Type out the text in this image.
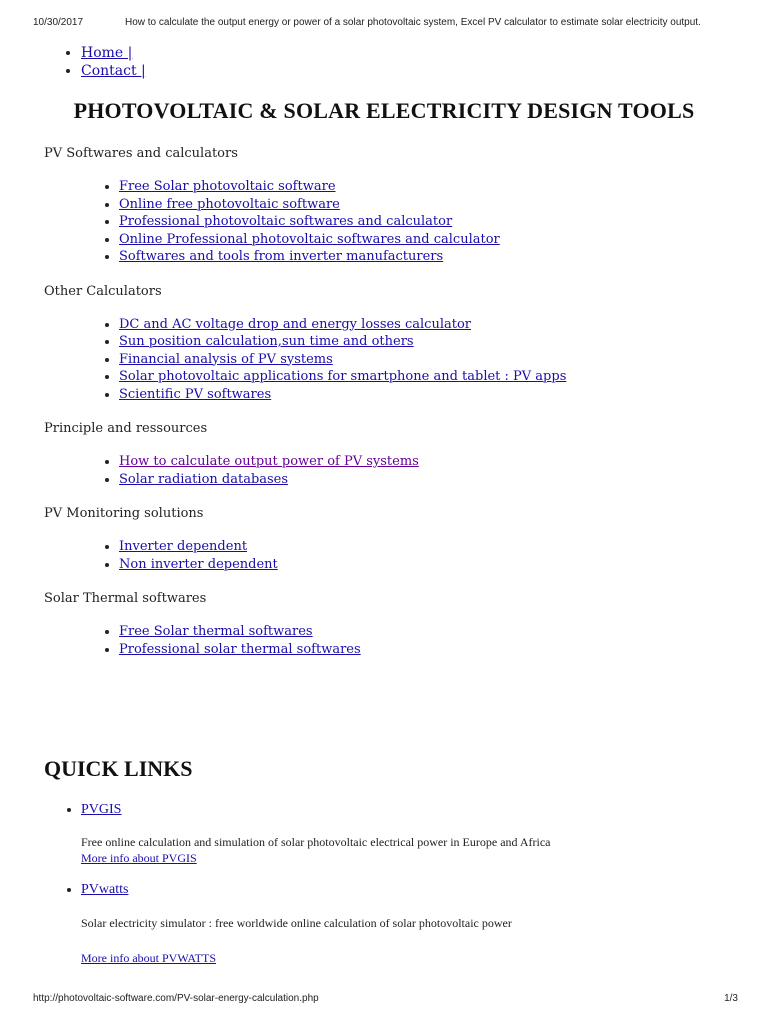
10/30/2017	How to calculate the output energy or power of a solar photovoltaic system, Excel PV calculator to estimate solar electricity output.
• Home |
• Contact |
PHOTOVOLTAIC & SOLAR ELECTRICITY DESIGN TOOLS
PV Softwares and calculators
• Free Solar photovoltaic software
• Online free photovoltaic software
• Professional photovoltaic softwares and calculator
• Online Professional photovoltaic softwares and calculator
• Softwares and tools from inverter manufacturers
Other Calculators
• DC and AC voltage drop and energy losses calculator
• Sun position calculation,sun time and others
• Financial analysis of PV systems
• Solar photovoltaic applications for smartphone and tablet : PV apps
• Scientific PV softwares
Principle and ressources
• How to calculate output power of PV systems
• Solar radiation databases
PV Monitoring solutions
• Inverter dependent
• Non inverter dependent
Solar Thermal softwares
• Free Solar thermal softwares
• Professional solar thermal softwares
QUICK LINKS
• PVGIS

Free online calculation and simulation of solar photovoltaic electrical power in Europe and Africa

More info about PVGIS
• PVwatts

Solar electricity simulator : free worldwide online calculation of solar photovoltaic power

More info about PVWATTS
http://photovoltaic-software.com/PV-solar-energy-calculation.php	1/3
